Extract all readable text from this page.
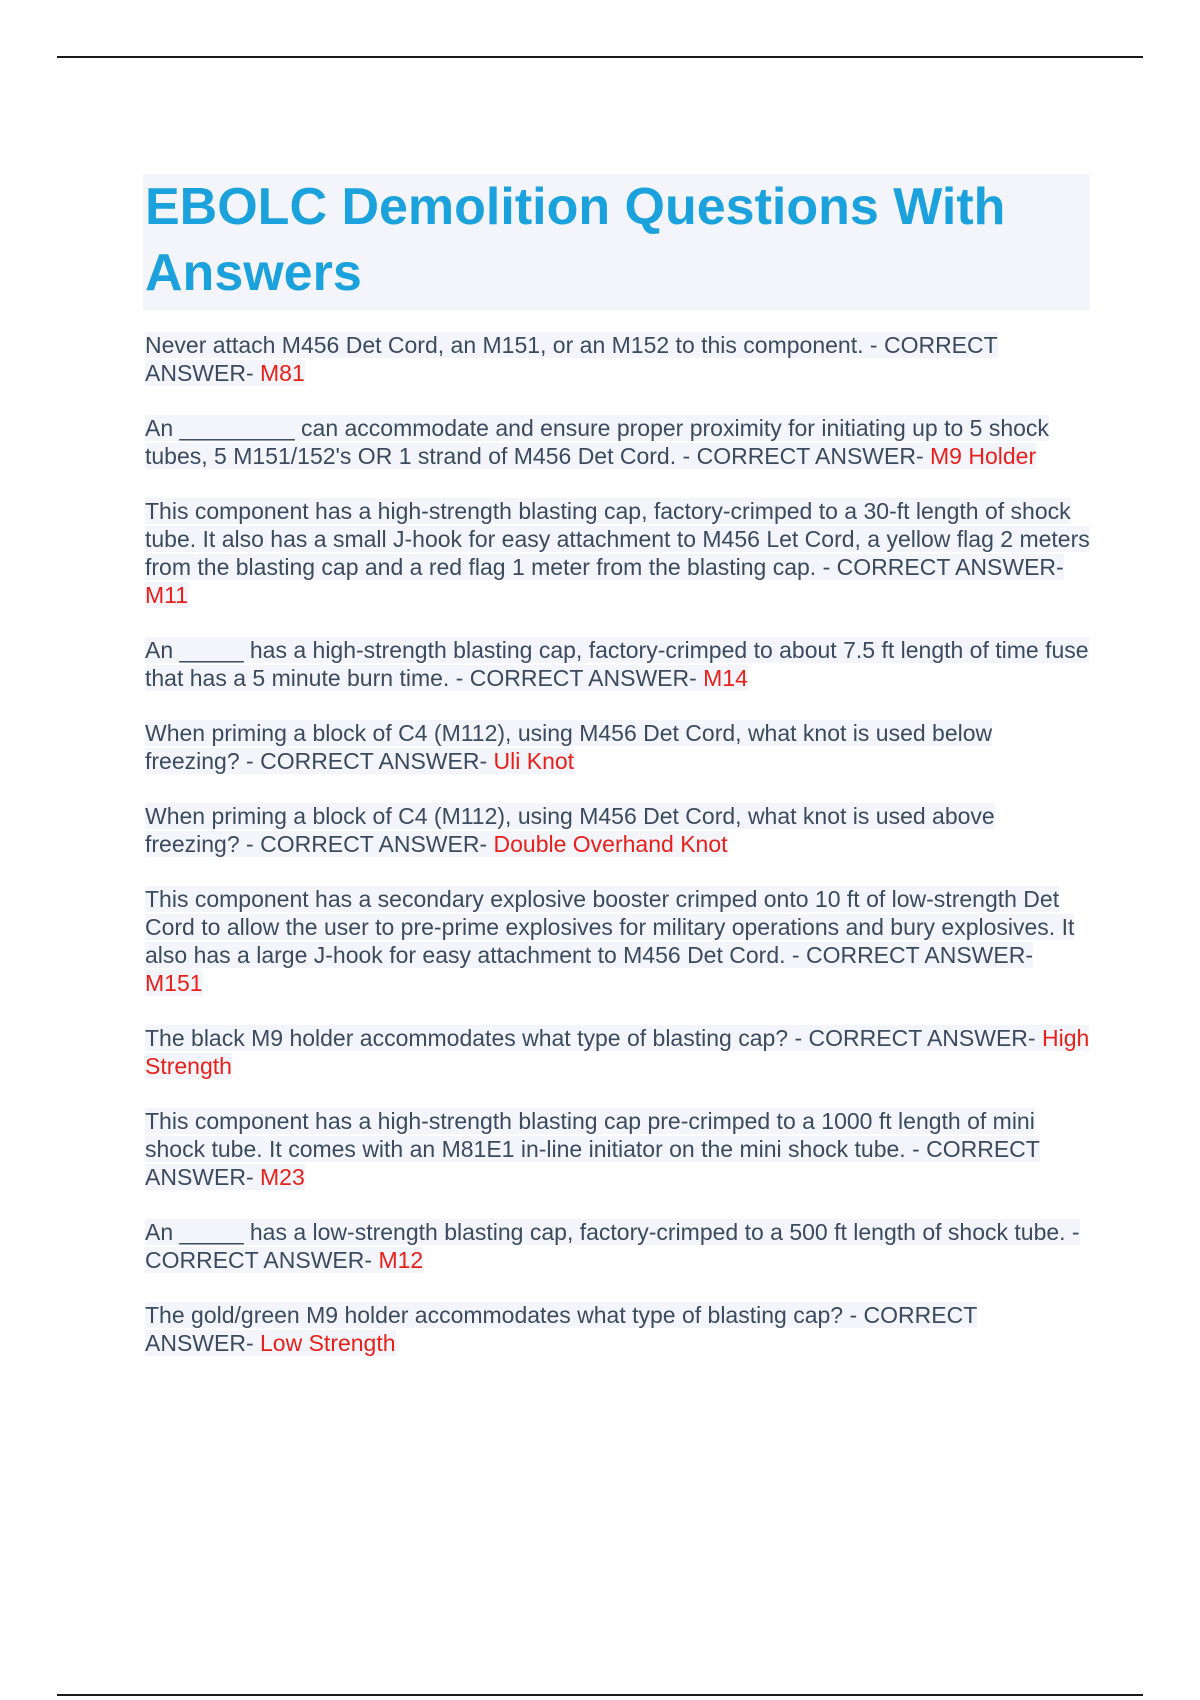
EBOLC Demolition Questions With Answers

Never attach M456 Det Cord, an M151, or an M152 to this component. - CORRECT ANSWER- M81

An _________ can accommodate and ensure proper proximity for initiating up to 5 shock tubes, 5 M151/152's OR 1 strand of M456 Det Cord. - CORRECT ANSWER- M9 Holder

This component has a high-strength blasting cap, factory-crimped to a 30-ft length of shock tube. It also has a small J-hook for easy attachment to M456 Let Cord, a yellow flag 2 meters from the blasting cap and a red flag 1 meter from the blasting cap. - CORRECT ANSWER- M11

An _____ has a high-strength blasting cap, factory-crimped to about 7.5 ft length of time fuse that has a 5 minute burn time. - CORRECT ANSWER- M14

When priming a block of C4 (M112), using M456 Det Cord, what knot is used below freezing? - CORRECT ANSWER- Uli Knot

When priming a block of C4 (M112), using M456 Det Cord, what knot is used above freezing? - CORRECT ANSWER- Double Overhand Knot

This component has a secondary explosive booster crimped onto 10 ft of low-strength Det Cord to allow the user to pre-prime explosives for military operations and bury explosives. It also has a large J-hook for easy attachment to M456 Det Cord. - CORRECT ANSWER- M151

The black M9 holder accommodates what type of blasting cap? - CORRECT ANSWER- High Strength

This component has a high-strength blasting cap pre-crimped to a 1000 ft length of mini shock tube. It comes with an M81E1 in-line initiator on the mini shock tube. - CORRECT ANSWER- M23

An _____ has a low-strength blasting cap, factory-crimped to a 500 ft length of shock tube. - CORRECT ANSWER- M12

The gold/green M9 holder accommodates what type of blasting cap? - CORRECT ANSWER- Low Strength
